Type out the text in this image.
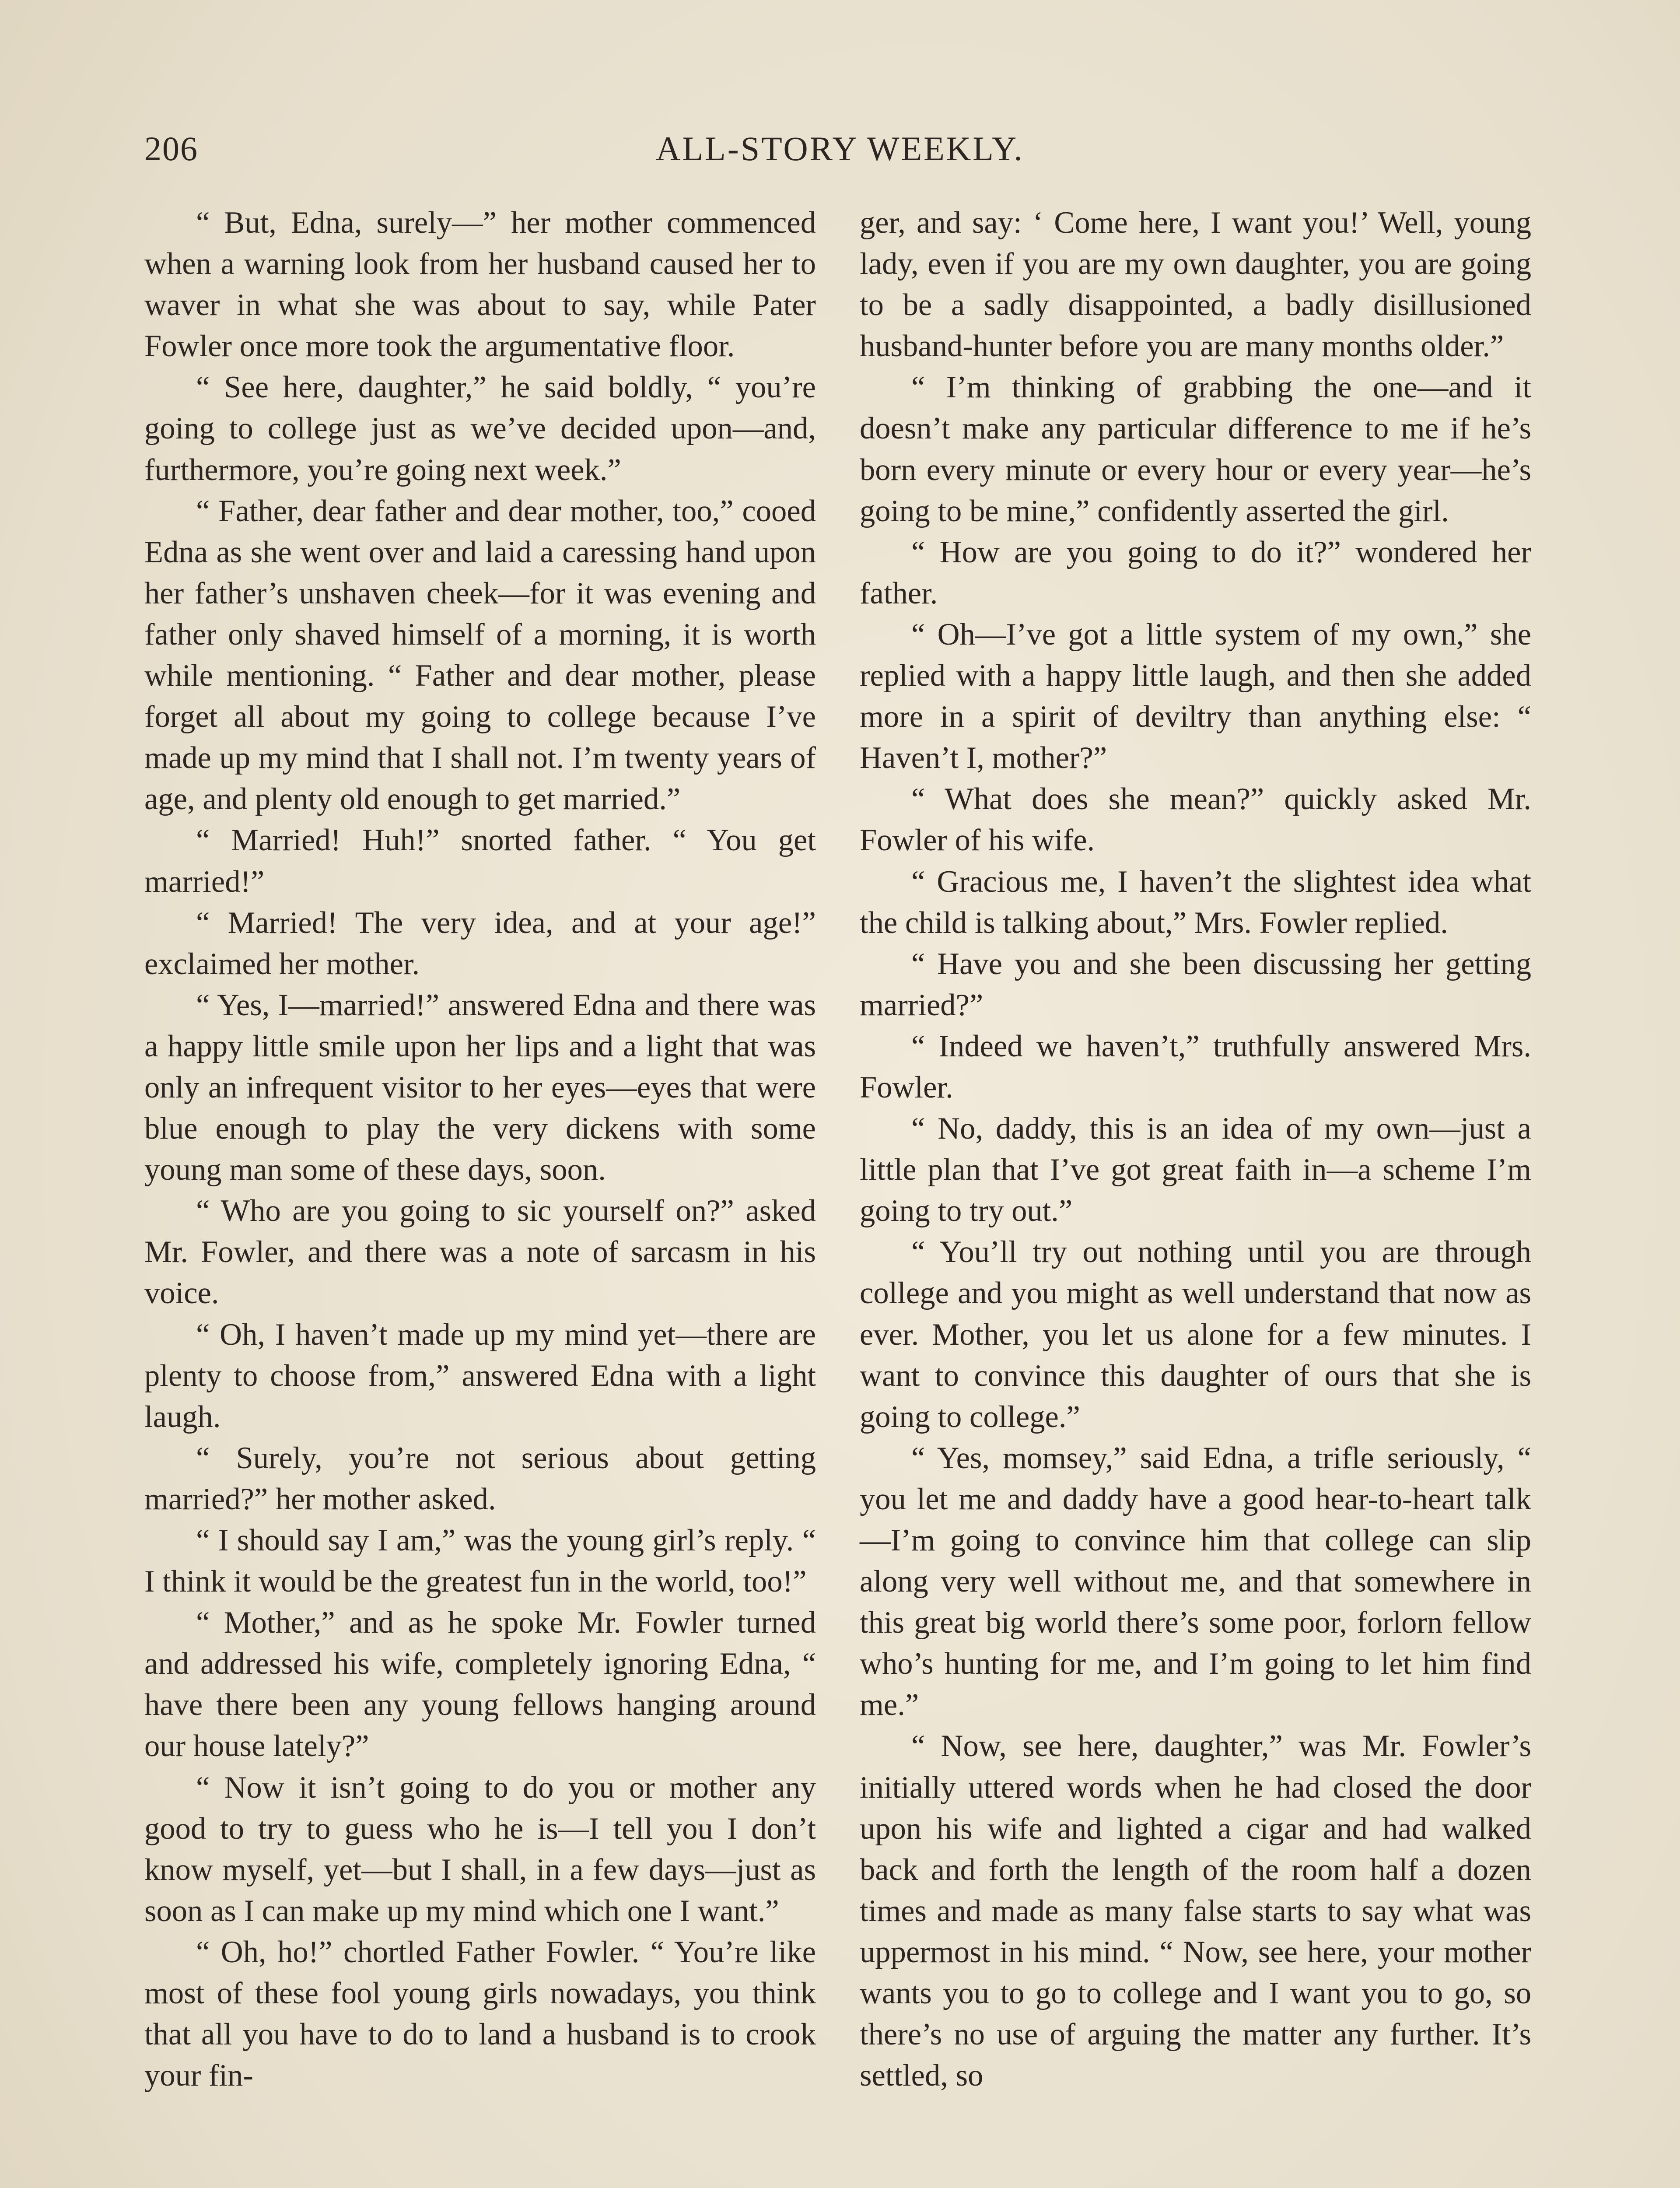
206	ALL-STORY WEEKLY.

“ But, Edna, surely—” her mother commenced when a warning look from her husband caused her to waver in what she was about to say, while Pater Fowler once more took the argumentative floor.

“ See here, daughter,” he said boldly, “ you’re going to college just as we’ve decided upon—and, furthermore, you’re going next week.”

“ Father, dear father and dear mother, too,” cooed Edna as she went over and laid a caressing hand upon her father’s unshaven cheek—for it was evening and father only shaved himself of a morning, it is worth while mentioning. “ Father and dear mother, please forget all about my going to college because I’ve made up my mind that I shall not. I’m twenty years of age, and plenty old enough to get married.”

“ Married! Huh!” snorted father. “ You get married!”

“ Married! The very idea, and at your age!” exclaimed her mother.

“ Yes, I—married!” answered Edna and there was a happy little smile upon her lips and a light that was only an infrequent visitor to her eyes—eyes that were blue enough to play the very dickens with some young man some of these days, soon.

“ Who are you going to sic yourself on?” asked Mr. Fowler, and there was a note of sarcasm in his voice.

“ Oh, I haven’t made up my mind yet—there are plenty to choose from,” answered Edna with a light laugh.

“ Surely, you’re not serious about getting married?” her mother asked.

“ I should say I am,” was the young girl’s reply. “ I think it would be the greatest fun in the world, too!”

“ Mother,” and as he spoke Mr. Fowler turned and addressed his wife, completely ignoring Edna, “ have there been any young fellows hanging around our house lately?”

“ Now it isn’t going to do you or mother any good to try to guess who he is—I tell you I don’t know myself, yet—but I shall, in a few days—just as soon as I can make up my mind which one I want.”

“ Oh, ho!” chortled Father Fowler. “ You’re like most of these fool young girls nowadays, you think that all you have to do to land a husband is to crook your fin-

ger, and say: ‘ Come here, I want you!’ Well, young lady, even if you are my own daughter, you are going to be a sadly disappointed, a badly disillusioned husband-hunter before you are many months older.”

“ I’m thinking of grabbing the one—and it doesn’t make any particular difference to me if he’s born every minute or every hour or every year—he’s going to be mine,” confidently asserted the girl.

“ How are you going to do it?” wondered her father.

“ Oh—I’ve got a little system of my own,” she replied with a happy little laugh, and then she added more in a spirit of deviltry than anything else: “ Haven’t I, mother?”

“ What does she mean?” quickly asked Mr. Fowler of his wife.

“ Gracious me, I haven’t the slightest idea what the child is talking about,” Mrs. Fowler replied.

“ Have you and she been discussing her getting married?”

“ Indeed we haven’t,” truthfully answered Mrs. Fowler.

“ No, daddy, this is an idea of my own—just a little plan that I’ve got great faith in—a scheme I’m going to try out.”

“ You’ll try out nothing until you are through college and you might as well understand that now as ever. Mother, you let us alone for a few minutes. I want to convince this daughter of ours that she is going to college.”

“ Yes, momsey,” said Edna, a trifle seriously, “ you let me and daddy have a good hear-to-heart talk—I’m going to convince him that college can slip along very well without me, and that somewhere in this great big world there’s some poor, forlorn fellow who’s hunting for me, and I’m going to let him find me.”

“ Now, see here, daughter,” was Mr. Fowler’s initially uttered words when he had closed the door upon his wife and lighted a cigar and had walked back and forth the length of the room half a dozen times and made as many false starts to say what was uppermost in his mind. “ Now, see here, your mother wants you to go to college and I want you to go, so there’s no use of arguing the matter any further. It’s settled, so
